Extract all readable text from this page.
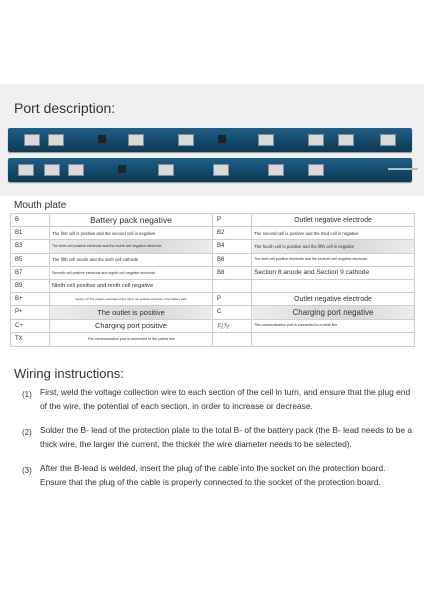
Port description:
Mouth plate
B	Battery pack negative	P	Outlet negative electrode
B1	The first cell is positive and the second cell is negative	B2	The second cell is positive and the third cell is negative
B3	The third cell positive electrode and the fourth cell negative electrode	B4	The fourth cell is positive and the fifth cell is negative
B5	The fifth cell anode and the sixth cell cathode	B6	The sixth cell positive electrode and the seventh cell negative electrode
B7	Seventh cell positive electrode and eighth cell negative electrode	B8	Section 8 anode and Section 9 cathode
B9	Ninth cell positive and tenth cell negative		
B+	Section 10 The positive electrode of the cell or the positive electrode of the battery pack	P	Outlet negative electrode
P+	The outlet is positive	C	Charging port negative
C+	Charging port positive	均为	This communication port is connected to a white line
TX	The communication port is connected to the yellow line		
Wiring instructions:
(1) First, weld the voltage collection wire to each section of the cell in turn, and ensure that the plug end of the wire, the potential of each section, in order to increase or decrease.
(2) Solder the B- lead of the protection plate to the total B- of the battery pack (the B- lead needs to be a thick wire, the larger the current, the thicker the wire diameter needs to be selected).
(3) After the B-lead is welded, insert the plug of the cable into the socket on the protection board. Ensure that the plug of the cable is properly connected to the socket of the protection board.
